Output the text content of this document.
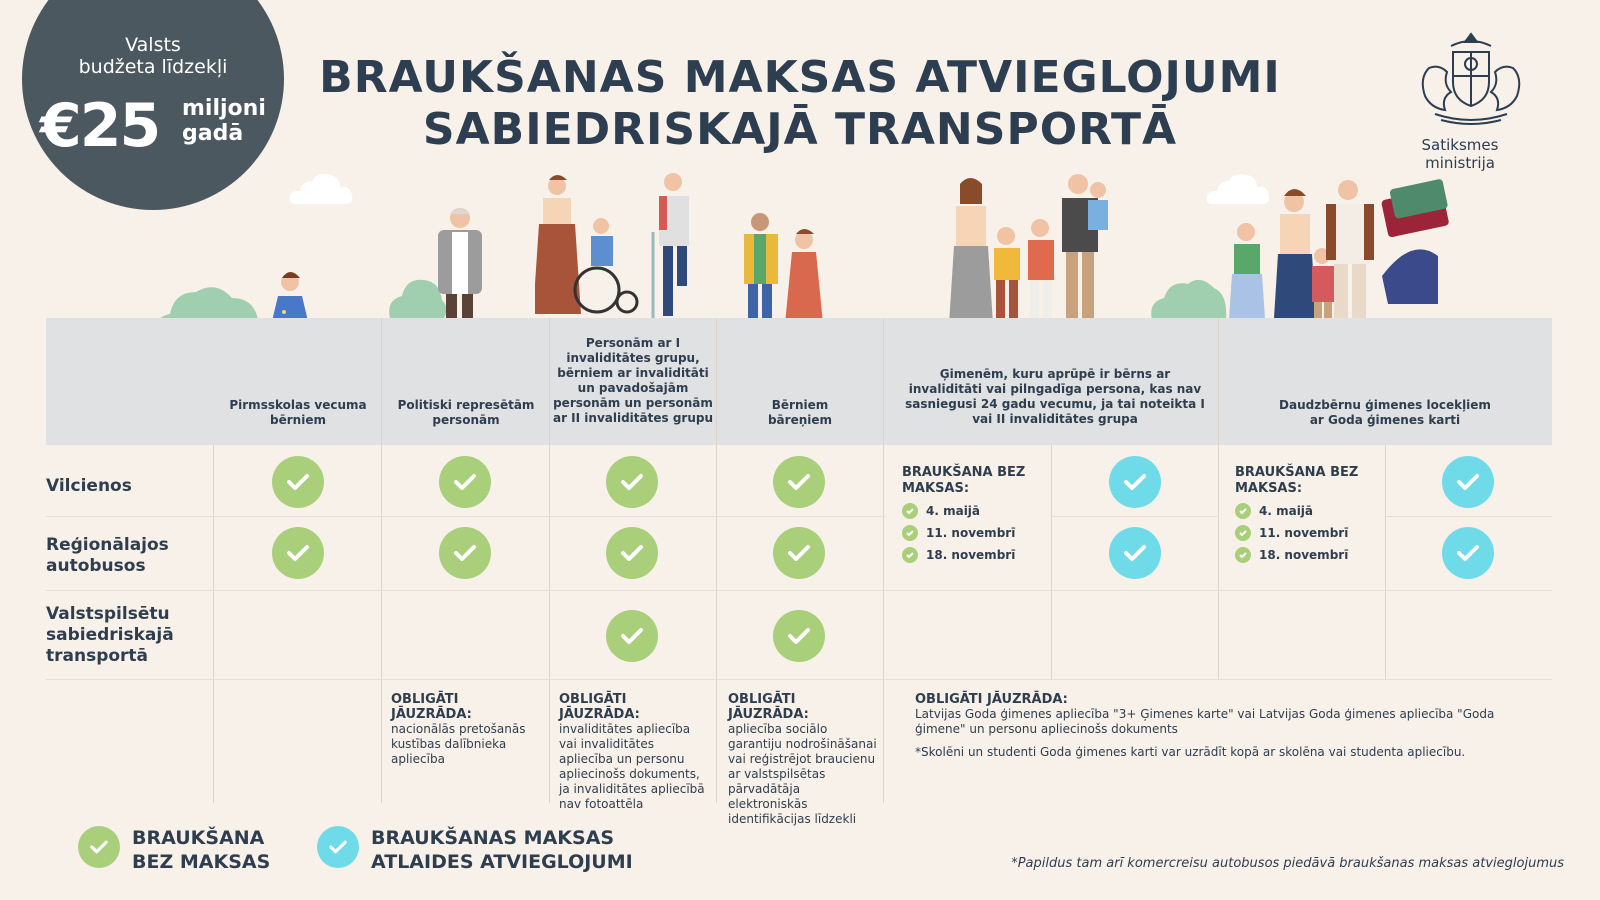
Valsts
budžeta līdzekļi
€25 miljoni
gadā
BRAUKŠANAS MAKSAS ATVIEGLOJUMI
SABIEDRISKAJĀ TRANSPORTĀ	Satiksmes ministrija
Pirmsskolas vecuma bērniem
Politiski represētām personām
Personām ar I invaliditātes grupu, bērniem ar invaliditāti un pavadošajām personām un personām ar II invaliditātes grupu
Bērniem bāreņiem
Ģimenēm, kuru aprūpē ir bērns ar invaliditāti vai pilngadīga persona, kas nav sasniegusi 24 gadu vecumu, ja tai noteikta I vai II invaliditātes grupa
Daudzbērnu ģimenes locekļiem ar Goda ģimenes karti
Vilcienos
Reģionālajos autobusos
Valstspilsētu sabiedriskajā transportā
BRAUKŠANA BEZ MAKSAS:
4. maijā
11. novembrī
18. novembrī
BRAUKŠANA BEZ MAKSAS:
4. maijā
11. novembrī
18. novembrī
OBLIGĀTI JĀUZRĀDA:
nacionālās pretošanās kustības dalībnieka apliecība
OBLIGĀTI JĀUZRĀDA:
invaliditātes apliecība vai invaliditātes apliecība un personu apliecinošs dokuments, ja invaliditātes apliecībā nav fotoattēla
OBLIGĀTI JĀUZRĀDA:
apliecība sociālo garantiju nodrošināšanai vai reģistrējot braucienu ar valstspilsētas pārvadātāja elektroniskās identifikācijas līdzekli
OBLIGĀTI JĀUZRĀDA:
Latvijas Goda ģimenes apliecība "3+ Ģimenes karte" vai Latvijas Goda ģimenes apliecība "Goda ģimene" un personu apliecinošs dokuments
*Skolēni un studenti Goda ģimenes karti var uzrādīt kopā ar skolēna vai studenta apliecību.
BRAUKŠANA
BEZ MAKSAS
BRAUKŠANAS MAKSAS
ATLAIDES ATVIEGLOJUMI	*Papildus tam arī komercreisu autobusos piedāvā braukšanas maksas atvieglojumus
